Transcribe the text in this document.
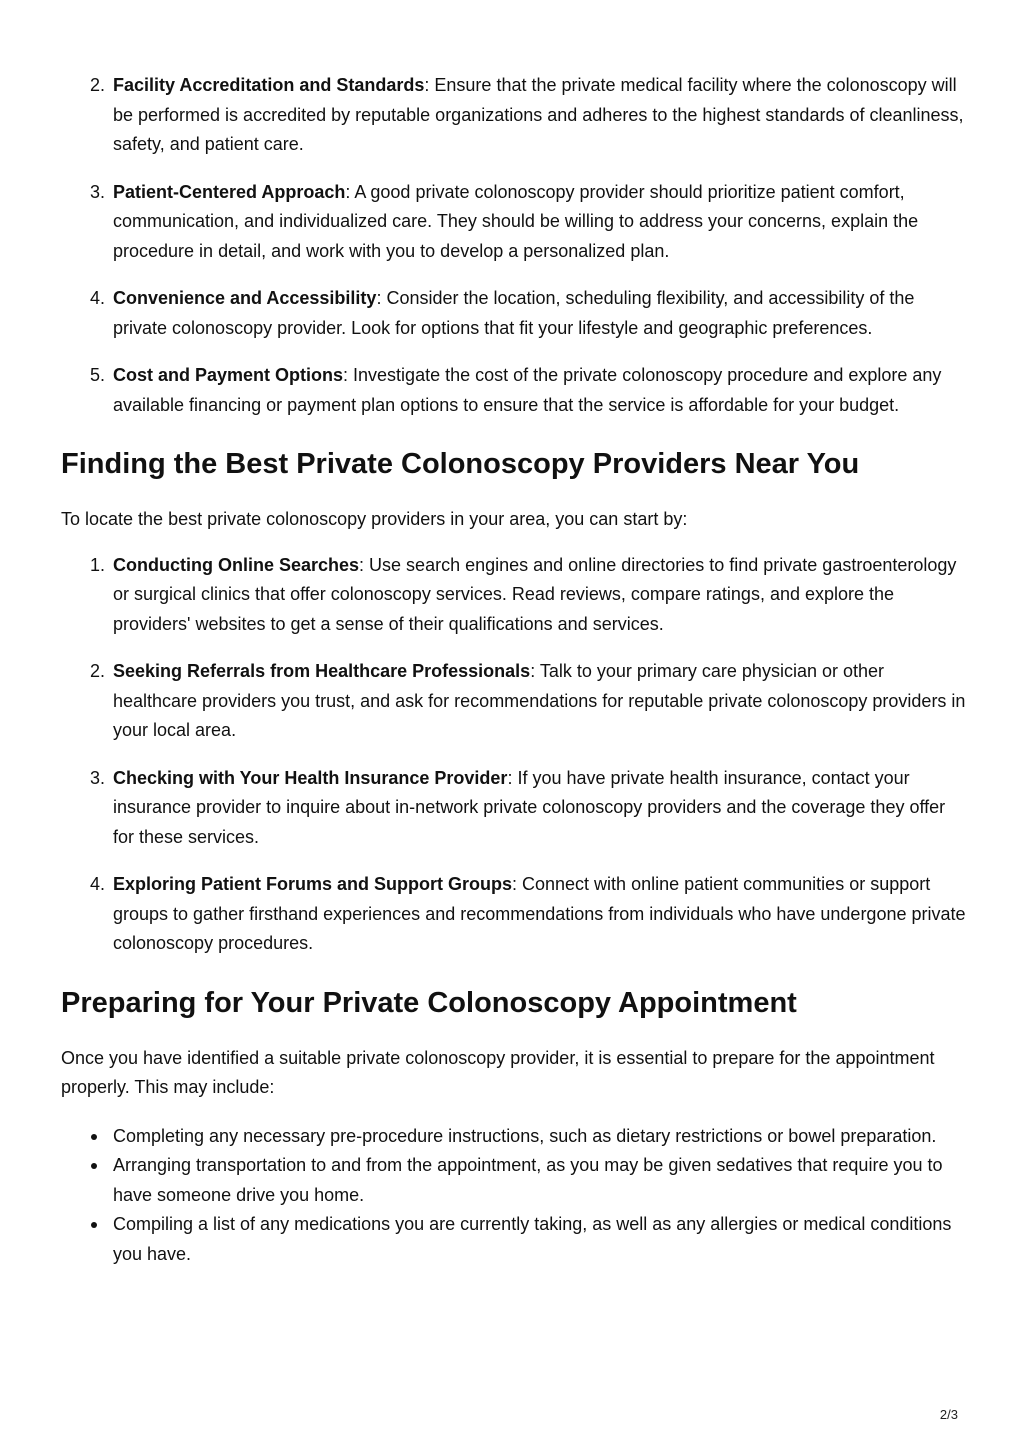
2. Facility Accreditation and Standards: Ensure that the private medical facility where the colonoscopy will be performed is accredited by reputable organizations and adheres to the highest standards of cleanliness, safety, and patient care.
3. Patient-Centered Approach: A good private colonoscopy provider should prioritize patient comfort, communication, and individualized care. They should be willing to address your concerns, explain the procedure in detail, and work with you to develop a personalized plan.
4. Convenience and Accessibility: Consider the location, scheduling flexibility, and accessibility of the private colonoscopy provider. Look for options that fit your lifestyle and geographic preferences.
5. Cost and Payment Options: Investigate the cost of the private colonoscopy procedure and explore any available financing or payment plan options to ensure that the service is affordable for your budget.
Finding the Best Private Colonoscopy Providers Near You

To locate the best private colonoscopy providers in your area, you can start by:

1. Conducting Online Searches: Use search engines and online directories to find private gastroenterology or surgical clinics that offer colonoscopy services. Read reviews, compare ratings, and explore the providers' websites to get a sense of their qualifications and services.
2. Seeking Referrals from Healthcare Professionals: Talk to your primary care physician or other healthcare providers you trust, and ask for recommendations for reputable private colonoscopy providers in your local area.
3. Checking with Your Health Insurance Provider: If you have private health insurance, contact your insurance provider to inquire about in-network private colonoscopy providers and the coverage they offer for these services.
4. Exploring Patient Forums and Support Groups: Connect with online patient communities or support groups to gather firsthand experiences and recommendations from individuals who have undergone private colonoscopy procedures.
Preparing for Your Private Colonoscopy Appointment

Once you have identified a suitable private colonoscopy provider, it is essential to prepare for the appointment properly. This may include:

Completing any necessary pre-procedure instructions, such as dietary restrictions or bowel preparation.
Arranging transportation to and from the appointment, as you may be given sedatives that require you to have someone drive you home.
Compiling a list of any medications you are currently taking, as well as any allergies or medical conditions you have.
2/3
